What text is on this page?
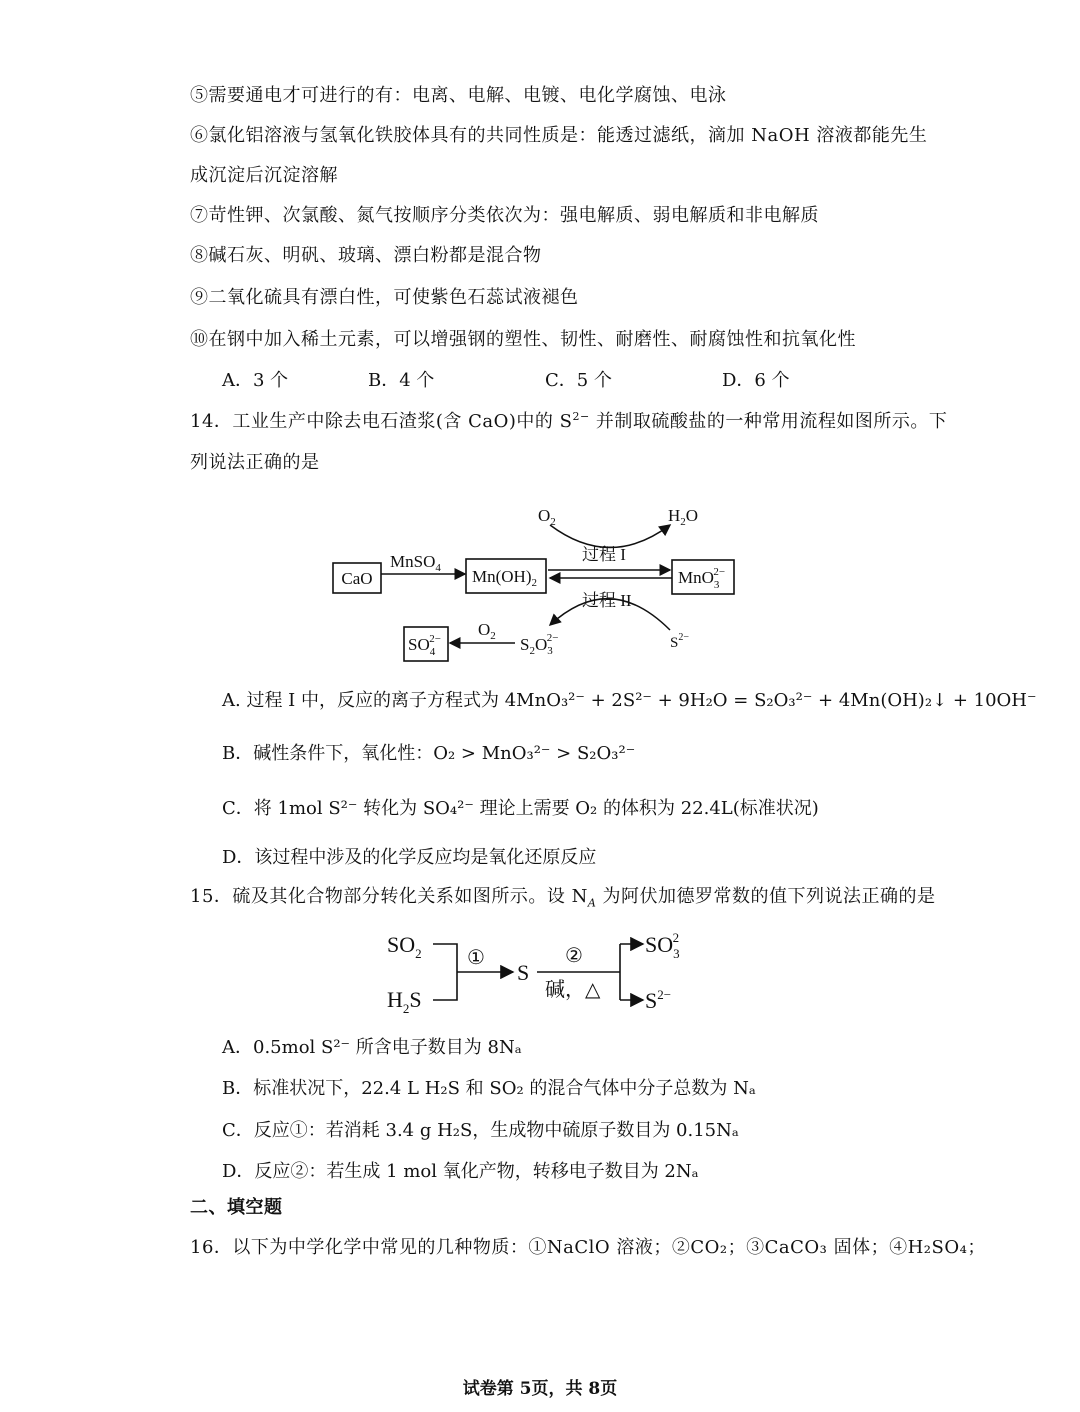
⑤需要通电才可进行的有：电离、电解、电镀、电化学腐蚀、电泳
⑥氯化铝溶液与氢氧化铁胶体具有的共同性质是：能透过滤纸，滴加 NaOH 溶液都能先生
成沉淀后沉淀溶解
⑦苛性钾、次氯酸、氮气按顺序分类依次为：强电解质、弱电解质和非电解质
⑧碱石灰、明矾、玻璃、漂白粉都是混合物
⑨二氧化硫具有漂白性，可使紫色石蕊试液褪色
⑩在钢中加入稀土元素，可以增强钢的塑性、韧性、耐磨性、耐腐蚀性和抗氧化性
A．3 个	B．4 个	C．5 个	D．6 个
14．工业生产中除去电石渣浆(含 CaO)中的 $S^{2-}$ 并制取硫酸盐的一种常用流程如图所示。下
列说法正确的是
CaO
MnSO$_4$ $Mn(OH)_2$	MnO$_3$2−
$O_2$	$H_2O$
过程 I
过程 II
$S^{2-}$
$SO_42- O_2$ $S_2O_32-$
A. 过程 I 中，反应的离子方程式为 4MnO₃²⁻ + 2S²⁻ + 9H₂O = S₂O₃²⁻ + 4Mn(OH)₂↓ + 10OH⁻
B．碱性条件下，氧化性：O₂ > MnO₃²⁻ > S₂O₃²⁻
C．将 1mol S²⁻ 转化为 SO₄²⁻ 理论上需要 O₂ 的体积为 22.4L(标准状况)
D．该过程中涉及的化学反应均是氧化还原反应
15．硫及其化合物部分转化关系如图所示。设 $N_A$ 为阿伏加德罗常数的值下列说法正确的是
$SO_2$
$H_2S$
①
S
②
碱，△
$SO_32$
$S^{2-}$
A．0.5mol S²⁻ 所含电子数目为 8Nₐ
B．标准状况下，22.4 L H₂S 和 SO₂ 的混合气体中分子总数为 Nₐ
C．反应①：若消耗 3.4 g H₂S，生成物中硫原子数目为 0.15Nₐ
D．反应②：若生成 1 mol 氧化产物，转移电子数目为 2Nₐ
二、填空题
16．以下为中学化学中常见的几种物质：①NaClO 溶液；②CO₂；③CaCO₃ 固体；④H₂SO₄；
试卷第 5页，共 8页
